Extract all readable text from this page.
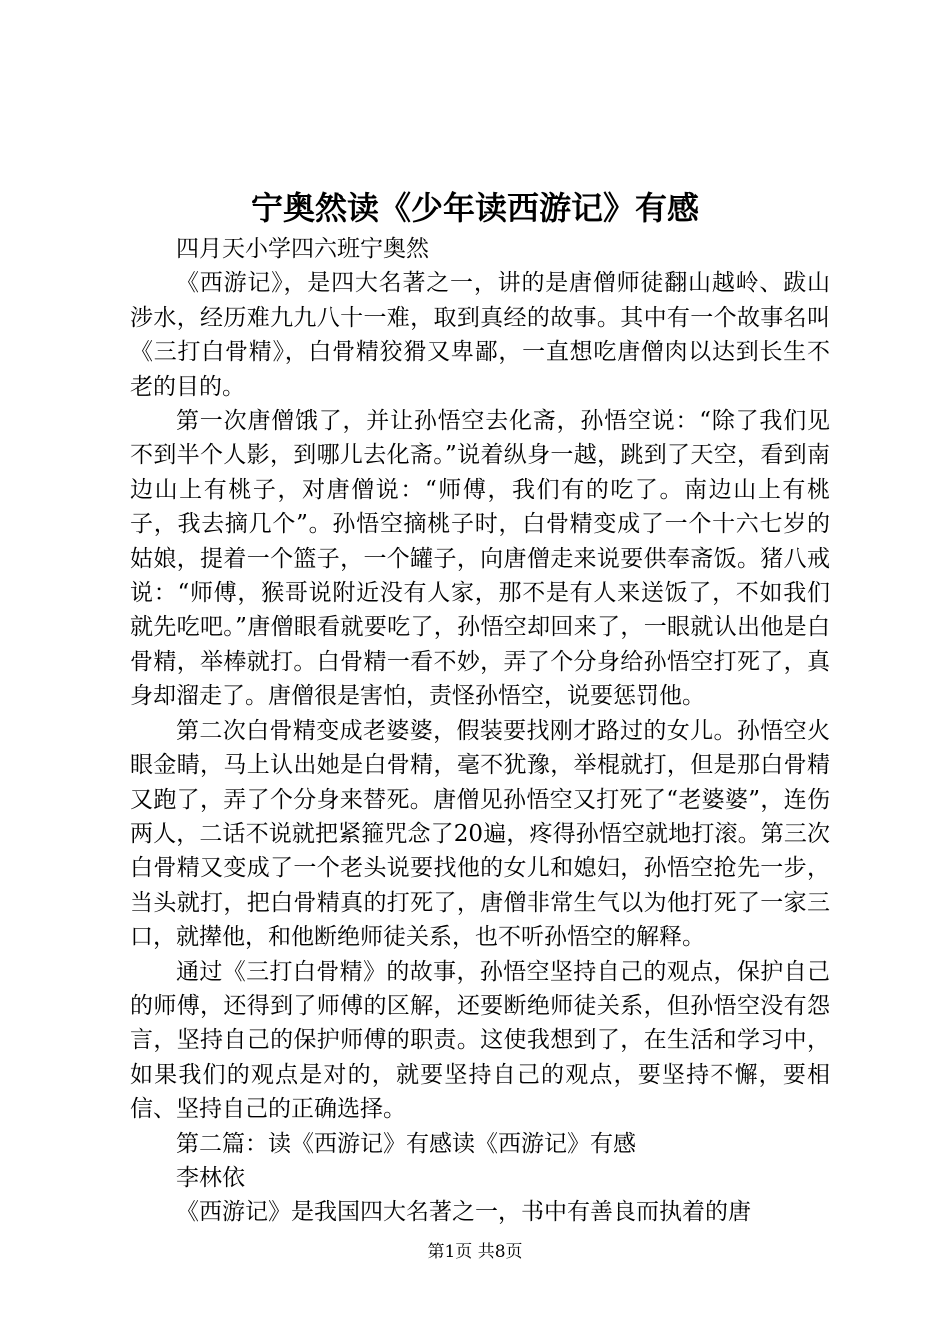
宁奥然读《少年读西游记》有感

四月天小学四六班宁奥然

《西游记》，是四大名著之一，讲的是唐僧师徒翻山越岭、跋山涉水，经历难九九八十一难，取到真经的故事。其中有一个故事名叫《三打白骨精》，白骨精狡猾又卑鄙，一直想吃唐僧肉以达到长生不老的目的。

第一次唐僧饿了，并让孙悟空去化斋，孙悟空说：“除了我们见不到半个人影，到哪儿去化斋。”说着纵身一越，跳到了天空，看到南边山上有桃子，对唐僧说：“师傅，我们有的吃了。南边山上有桃子，我去摘几个”。孙悟空摘桃子时，白骨精变成了一个十六七岁的姑娘，提着一个篮子，一个罐子，向唐僧走来说要供奉斋饭。猪八戒说：“师傅，猴哥说附近没有人家，那不是有人来送饭了，不如我们就先吃吧。”唐僧眼看就要吃了，孙悟空却回来了，一眼就认出他是白骨精，举棒就打。白骨精一看不妙，弄了个分身给孙悟空打死了，真身却溜走了。唐僧很是害怕，责怪孙悟空，说要惩罚他。

第二次白骨精变成老婆婆，假装要找刚才路过的女儿。孙悟空火眼金睛，马上认出她是白骨精，毫不犹豫，举棍就打，但是那白骨精又跑了，弄了个分身来替死。唐僧见孙悟空又打死了“老婆婆”，连伤两人，二话不说就把紧箍咒念了20遍，疼得孙悟空就地打滚。第三次白骨精又变成了一个老头说要找他的女儿和媳妇，孙悟空抢先一步，当头就打，把白骨精真的打死了，唐僧非常生气以为他打死了一家三口，就撵他，和他断绝师徒关系，也不听孙悟空的解释。

通过《三打白骨精》的故事，孙悟空坚持自己的观点，保护自己的师傅，还得到了师傅的区解，还要断绝师徒关系，但孙悟空没有怨言，坚持自己的保护师傅的职责。这使我想到了，在生活和学习中，如果我们的观点是对的，就要坚持自己的观点，要坚持不懈，要相信、坚持自己的正确选择。

第二篇：读《西游记》有感读《西游记》有感

李林依

《西游记》是我国四大名著之一，书中有善良而执着的唐

第1页 共8页
